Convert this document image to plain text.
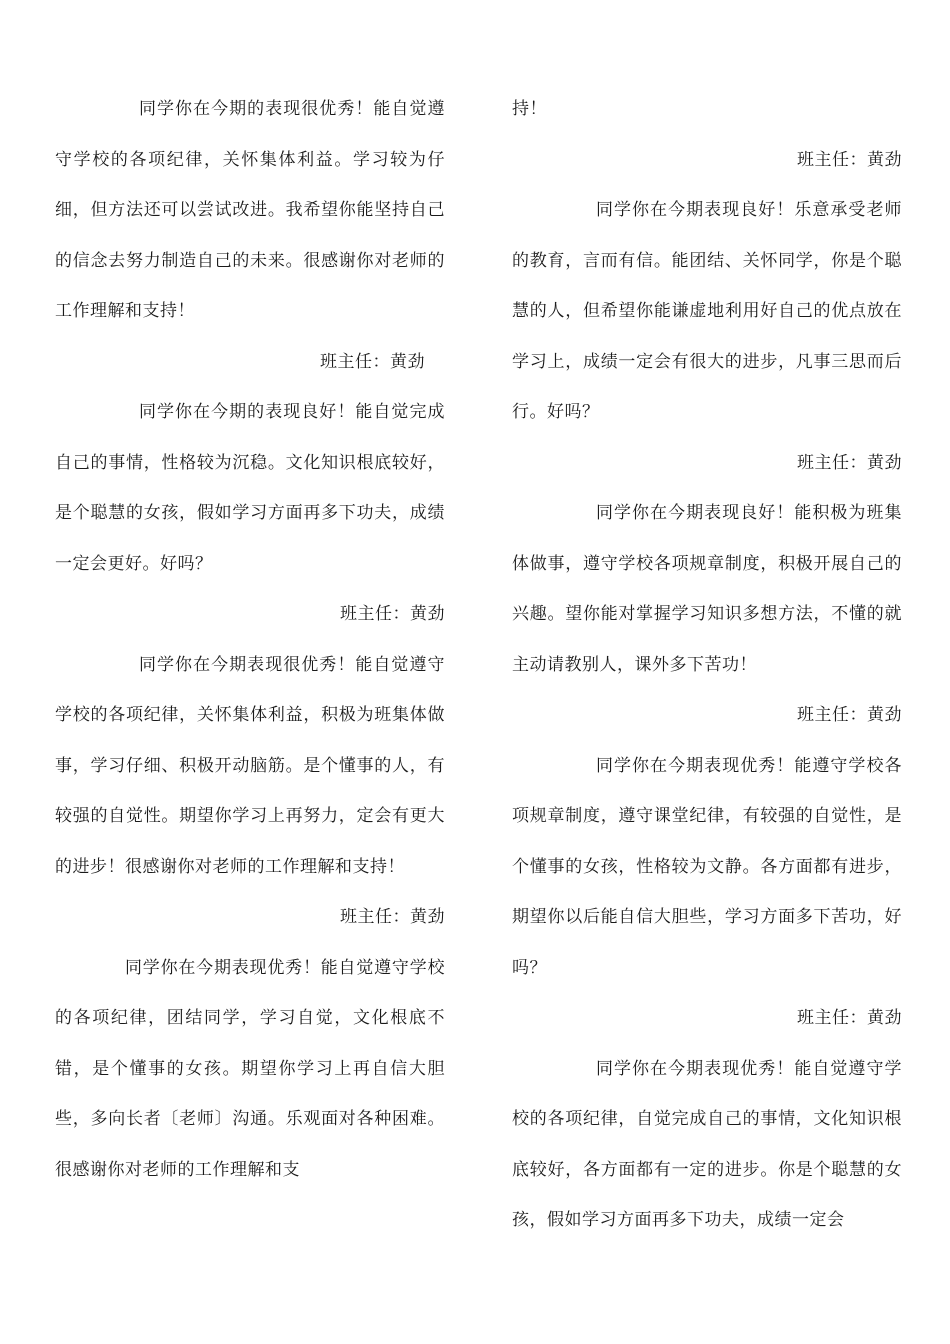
同学你在今期的表现很优秀！能自觉遵守学校的各项纪律，关怀集体利益。学习较为仔细，但方法还可以尝试改进。我希望你能坚持自己的信念去努力制造自己的未来。很感谢你对老师的工作理解和支持！

班主任：黄劲

同学你在今期的表现良好！能自觉完成自己的事情，性格较为沉稳。文化知识根底较好，是个聪慧的女孩，假如学习方面再多下功夫，成绩一定会更好。好吗？

班主任：黄劲

同学你在今期表现很优秀！能自觉遵守学校的各项纪律，关怀集体利益，积极为班集体做事，学习仔细、积极开动脑筋。是个懂事的人，有较强的自觉性。期望你学习上再努力，定会有更大的进步！很感谢你对老师的工作理解和支持！

班主任：黄劲

同学你在今期表现优秀！能自觉遵守学校的各项纪律，团结同学，学习自觉，文化根底不错，是个懂事的女孩。期望你学习上再自信大胆些，多向长者〔老师〕沟通。乐观面对各种困难。很感谢你对老师的工作理解和支

持！

班主任：黄劲

同学你在今期表现良好！乐意承受老师的教育，言而有信。能团结、关怀同学，你是个聪慧的人，但希望你能谦虚地利用好自己的优点放在学习上，成绩一定会有很大的进步，凡事三思而后行。好吗？

班主任：黄劲

同学你在今期表现良好！能积极为班集体做事，遵守学校各项规章制度，积极开展自己的兴趣。望你能对掌握学习知识多想方法，不懂的就主动请教别人，课外多下苦功！

班主任：黄劲

同学你在今期表现优秀！能遵守学校各项规章制度，遵守课堂纪律，有较强的自觉性，是个懂事的女孩，性格较为文静。各方面都有进步，期望你以后能自信大胆些，学习方面多下苦功，好吗？

班主任：黄劲

同学你在今期表现优秀！能自觉遵守学校的各项纪律，自觉完成自己的事情，文化知识根底较好，各方面都有一定的进步。你是个聪慧的女孩，假如学习方面再多下功夫，成绩一定会
